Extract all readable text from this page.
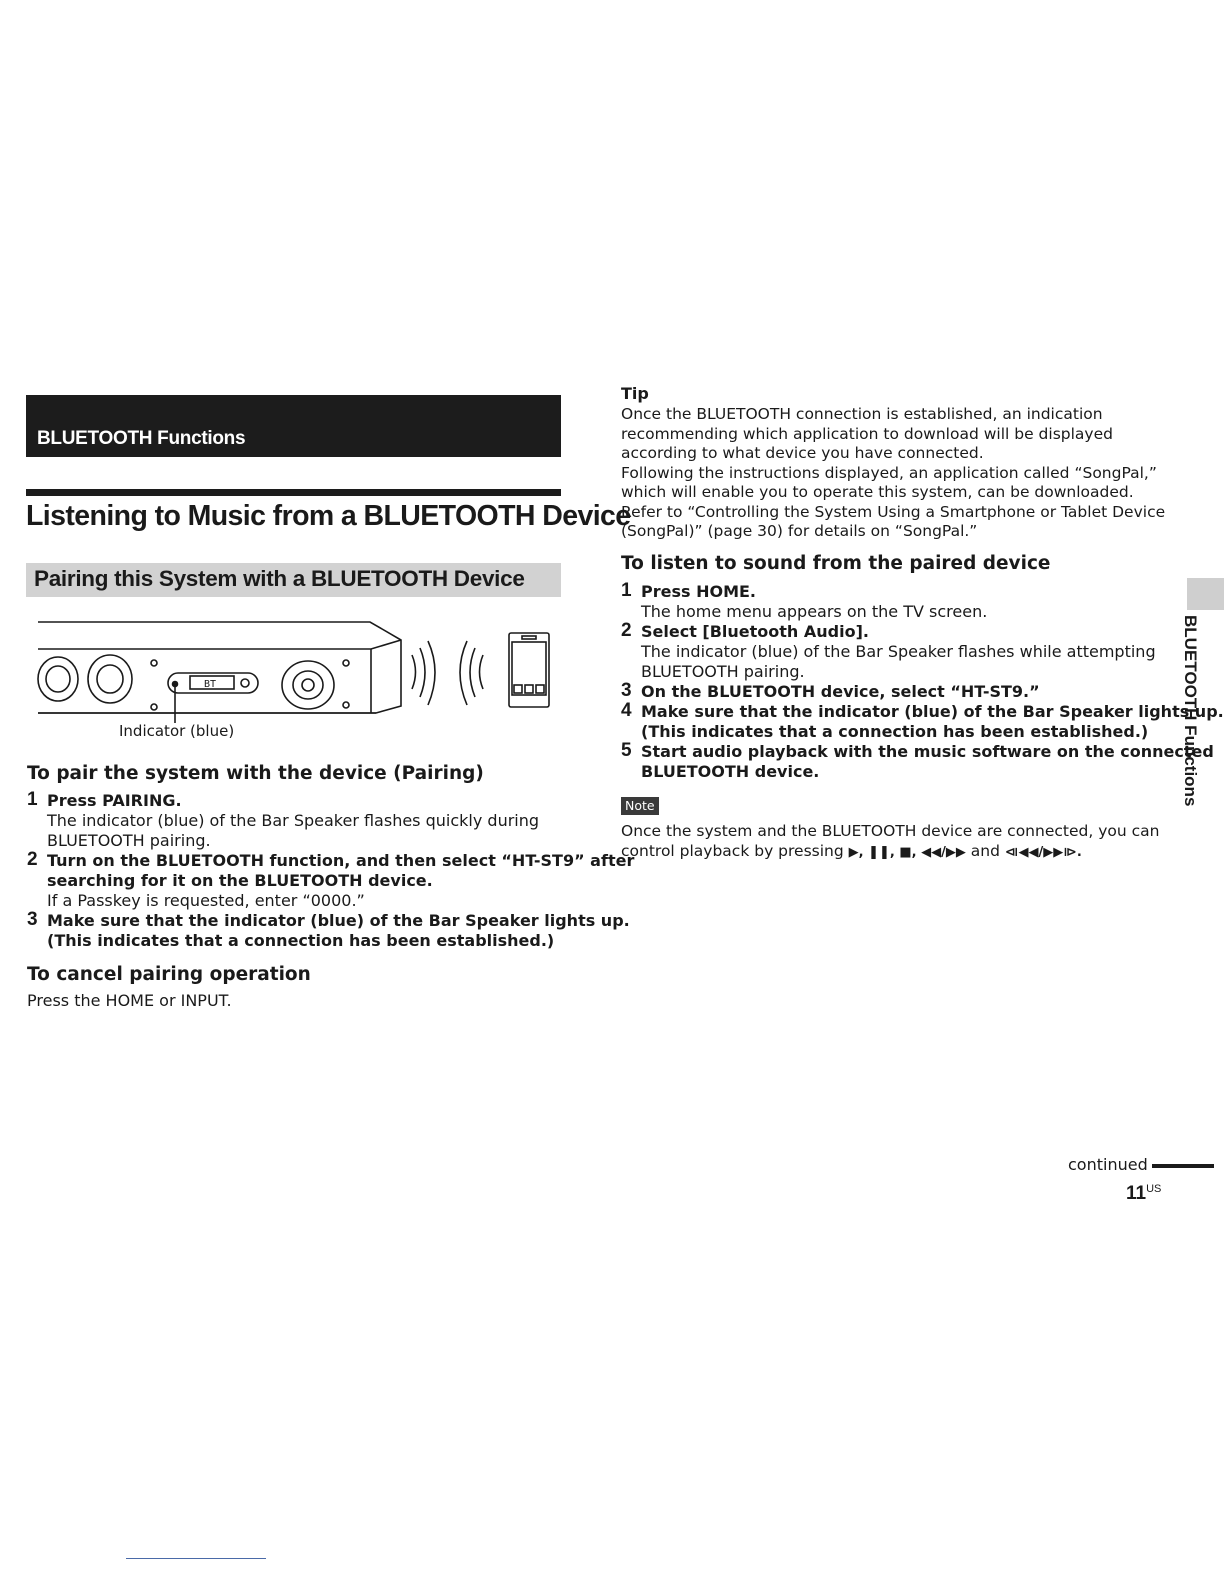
BLUETOOTH Functions
Listening to Music from a BLUETOOTH Device
Pairing this System with a BLUETOOTH Device
BT
Indicator (blue)
To pair the system with the device (Pairing)
1 Press PAIRING.
The indicator (blue) of the Bar Speaker flashes quickly during
BLUETOOTH pairing.
2 Turn on the BLUETOOTH function, and then select “HT-ST9” after
searching for it on the BLUETOOTH device.
If a Passkey is requested, enter “0000.”
3 Make sure that the indicator (blue) of the Bar Speaker lights up.
(This indicates that a connection has been established.)
To cancel pairing operation
Press the HOME or INPUT.
Tip
Once the BLUETOOTH connection is established, an indication
recommending which application to download will be displayed
according to what device you have connected.
Following the instructions displayed, an application called “SongPal,”
which will enable you to operate this system, can be downloaded.
Refer to “Controlling the System Using a Smartphone or Tablet Device
(SongPal)” (page 30) for details on “SongPal.”
To listen to sound from the paired device
1 Press HOME.
The home menu appears on the TV screen.
2 Select [Bluetooth Audio].
The indicator (blue) of the Bar Speaker flashes while attempting
BLUETOOTH pairing.
3 On the BLUETOOTH device, select “HT-ST9.”
4 Make sure that the indicator (blue) of the Bar Speaker lights up.
(This indicates that a connection has been established.)
5 Start audio playback with the music software on the connected
BLUETOOTH device.
Note
Once the system and the BLUETOOTH device are connected, you can
control playback by pressing ▶, ❚❚, ■, ◀◀/▶▶ and ⧏◀◀/▶▶⧐.
BLUETOOTH Functions
continued
$11^{US}$
